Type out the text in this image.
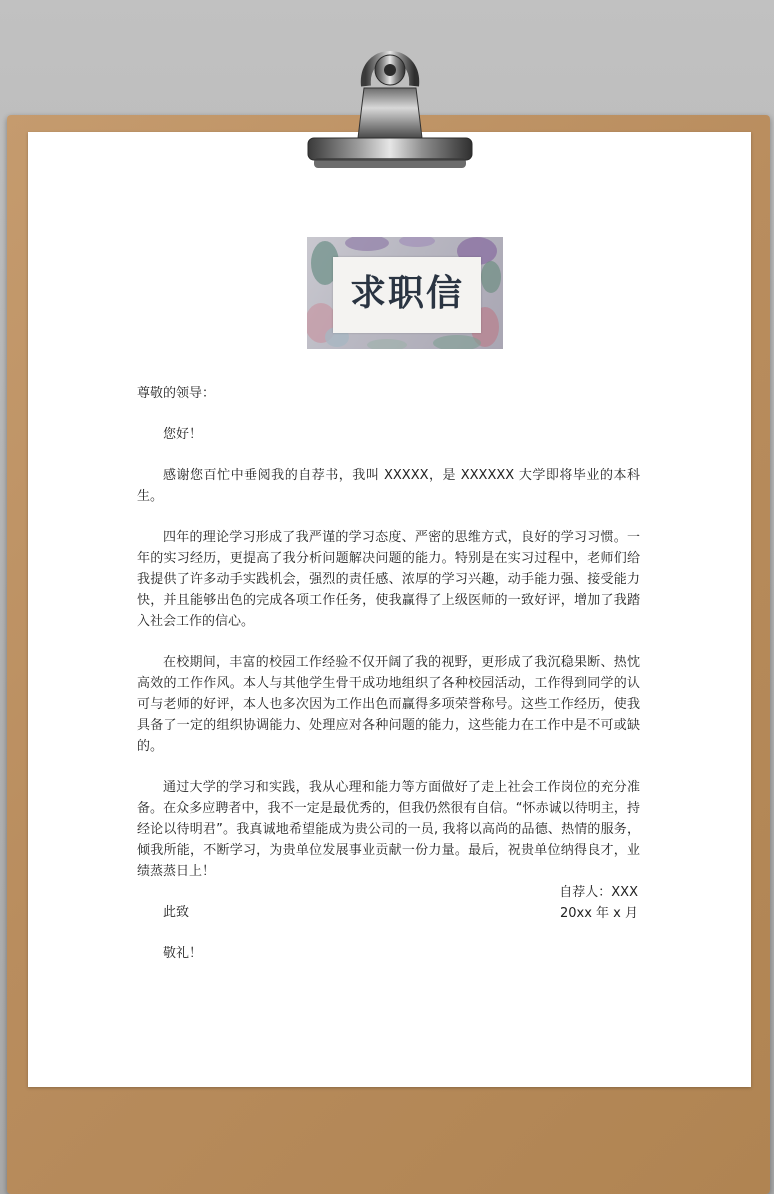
求职信

尊敬的领导：

您好！

感谢您百忙中垂阅我的自荐书，我叫 XXXXX，是 XXXXXX 大学即将毕业的本科生。

四年的理论学习形成了我严谨的学习态度、严密的思维方式，良好的学习习惯。一年的实习经历，更提高了我分析问题解决问题的能力。特别是在实习过程中，老师们给我提供了许多动手实践机会，强烈的责任感、浓厚的学习兴趣，动手能力强、接受能力快，并且能够出色的完成各项工作任务，使我赢得了上级医师的一致好评，增加了我踏入社会工作的信心。

在校期间，丰富的校园工作经验不仅开阔了我的视野，更形成了我沉稳果断、热忱高效的工作作风。本人与其他学生骨干成功地组织了各种校园活动，工作得到同学的认可与老师的好评，本人也多次因为工作出色而赢得多项荣誉称号。这些工作经历，使我具备了一定的组织协调能力、处理应对各种问题的能力，这些能力在工作中是不可或缺的。

通过大学的学习和实践，我从心理和能力等方面做好了走上社会工作岗位的充分准备。在众多应聘者中，我不一定是最优秀的，但我仍然很有自信。“怀赤诚以待明主，持经论以待明君”。我真诚地希望能成为贵公司的一员, 我将以高尚的品德、热情的服务，倾我所能，不断学习，为贵单位发展事业贡献一份力量。最后，祝贵单位纳得良才，业绩蒸蒸日上！

此致

敬礼！

自荐人：XXX
20xx 年 x 月
